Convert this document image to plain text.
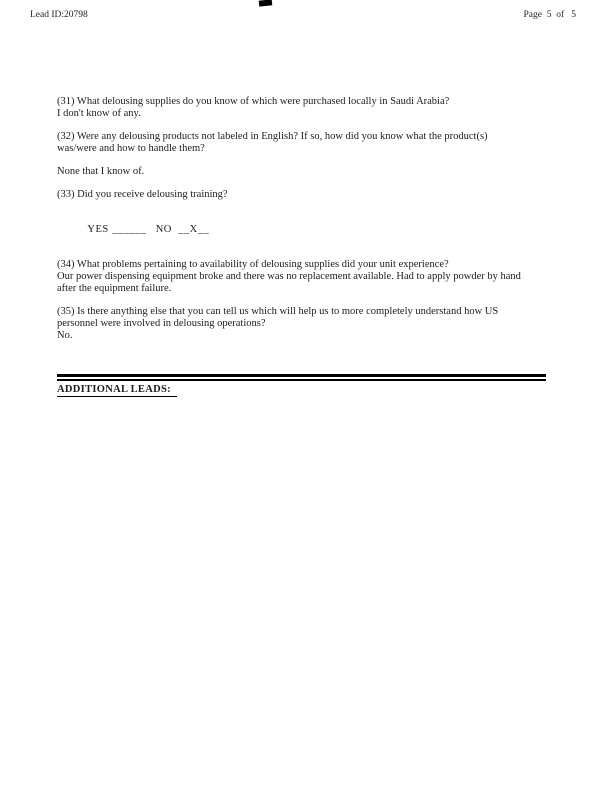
Lead ID:20798	Page  5  of   5
(31) What delousing supplies do you know of which were purchased locally in Saudi Arabia?
I don't know of any.
(32) Were any delousing products not labeled in English? If so, how did you know what the product(s) was/were and how to handle them?
None that I know of.
(33) Did you receive delousing training?

YES ______   NO  __X__

(34) What problems pertaining to availability of delousing supplies did your unit experience?
Our power dispensing equipment broke and there was no replacement available. Had to apply powder by hand after the equipment failure.
(35) Is there anything else that you can tell us which will help us to more completely understand how US personnel were involved in delousing operations?
No.
ADDITIONAL LEADS:
